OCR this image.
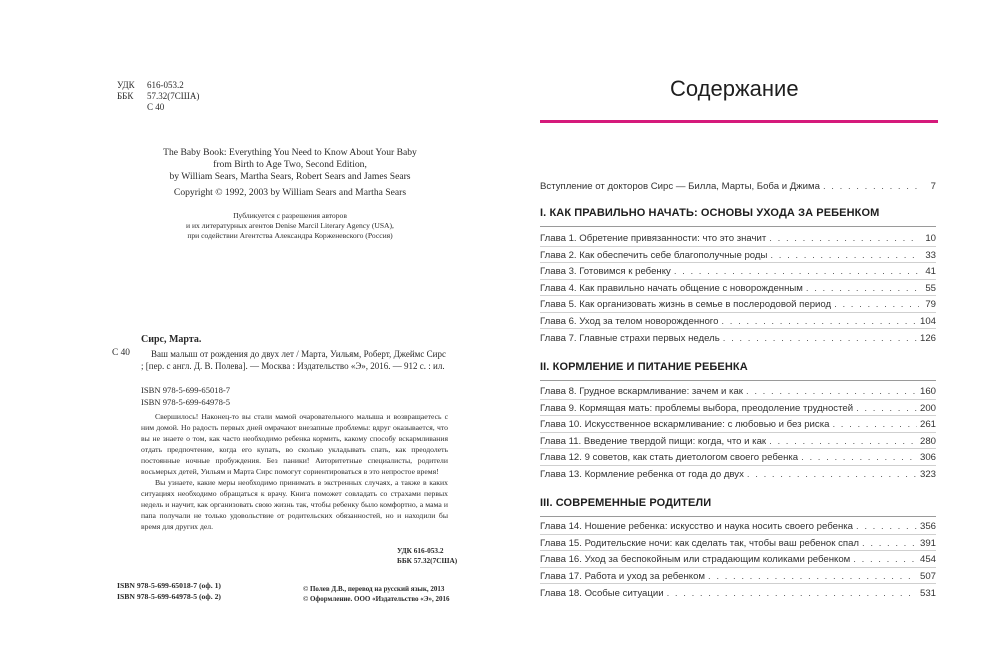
УДК 616-053.2
ББК 57.32(7США)
С 40
The Baby Book: Everything You Need to Know About Your Baby
from Birth to Age Two, Second Edition,
by William Sears, Martha Sears, Robert Sears and James Sears
Copyright © 1992, 2003 by William Sears and Martha Sears
Публикуется с разрешения авторов
и их литературных агентов Denise Marcil Literary Agency (USA),
при содействии Агентства Александра Корженевского (Россия)
Сирс, Марта.
С 40	Ваш малыш от рождения до двух лет / Марта, Уильям, Роберт, Джеймс Сирс ; [пер. с англ. Д. В. Полева]. — Москва : Издательство «Э», 2016. — 912 с. : ил.
ISBN 978-5-699-65018-7
ISBN 978-5-699-64978-5

Свершилось! Наконец-то вы стали мамой очаровательного малыша и возвращаетесь с ним домой. Но радость первых дней омрачают внезапные проблемы: вдруг оказывается, что вы не знаете о том, как часто необходимо ребенка кормить, какому способу вскармливания отдать предпочтение, когда его купать, во сколько укладывать спать, как преодолеть постоянные ночные пробуждения. Без паники! Авторитетные специалисты, родители восьмерых детей, Уильям и Марта Сирс помогут сориентироваться в это непростое время!

Вы узнаете, какие меры необходимо принимать в экстренных случаях, а также в каких ситуациях необходимо обращаться к врачу. Книга поможет совладать со страхами первых недель и научит, как организовать свою жизнь так, чтобы ребенку было комфортно, а мама и папа получали не только удовольствие от родительских обязанностей, но и находили бы время для других дел.

УДК 616-053.2
ББК 57.32(7США)
ISBN 978-5-699-65018-7 (оф. 1)
ISBN 978-5-699-64978-5 (оф. 2)
© Полев Д.В., перевод на русский язык, 2013
© Оформление. ООО «Издательство «Э», 2016
Содержание
Вступление от докторов Сирс — Билла, Марты, Боба и Джима . . .	7
I. КАК ПРАВИЛЬНО НАЧАТЬ: ОСНОВЫ УХОДА ЗА РЕБЕНКОМ
Глава 1. Обретение привязанности: что это значит . . .	10
Глава 2. Как обеспечить себе благополучные роды . . .	33
Глава 3. Готовимся к ребенку . . .	41
Глава 4. Как правильно начать общение с новорожденным . . .	55
Глава 5. Как организовать жизнь в семье в послеродовой период . . .	79
Глава 6. Уход за телом новорожденного . . .	104
Глава 7. Главные страхи первых недель . . .	126
II. КОРМЛЕНИЕ И ПИТАНИЕ РЕБЕНКА
Глава 8. Грудное вскармливание: зачем и как . . .	160
Глава 9. Кормящая мать: проблемы выбора, преодоление трудностей . . .	200
Глава 10. Искусственное вскармливание: с любовью и без риска . . .	261
Глава 11. Введение твердой пищи: когда, что и как . . .	280
Глава 12. 9 советов, как стать диетологом своего ребенка . . .	306
Глава 13. Кормление ребенка от года до двух . . .	323
III. СОВРЕМЕННЫЕ РОДИТЕЛИ
Глава 14. Ношение ребенка: искусство и наука носить своего ребенка . . .	356
Глава 15. Родительские ночи: как сделать так, чтобы ваш ребенок спал . . .	391
Глава 16. Уход за беспокойным или страдающим коликами ребенком . . .	454
Глава 17. Работа и уход за ребенком . . .	507
Глава 18. Особые ситуации . . .	531
